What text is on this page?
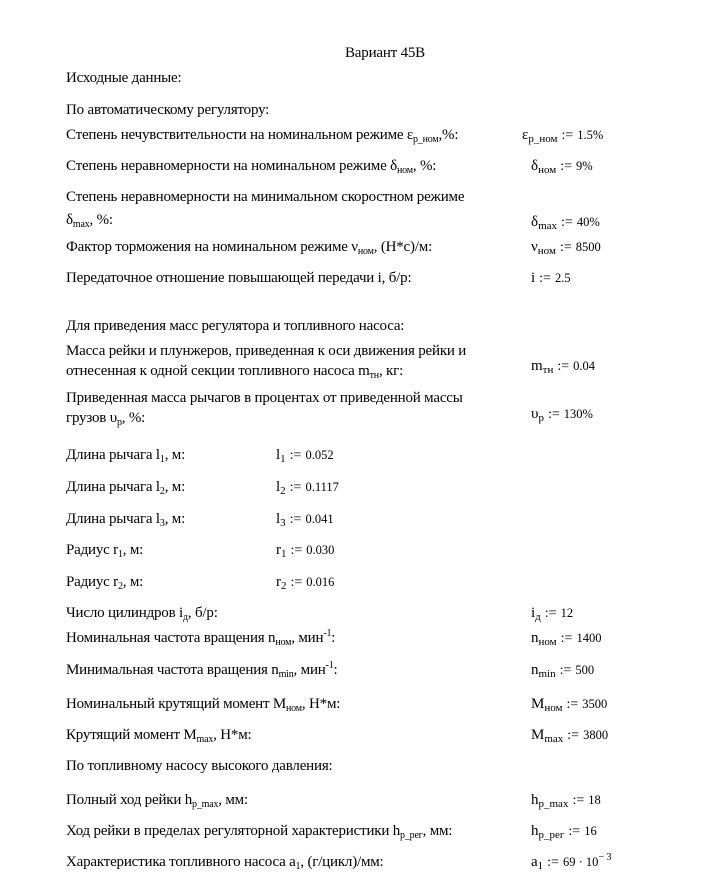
Вариант 45В
Исходные данные:
По автоматическому регулятору:
Для приведения масс регулятора и топливного насоса:
По топливному насосу высокого давления:
Степень нечувствительности на номинальном режиме $\varepsilon_{р\_ном},\%$:	$\varepsilon_{р\_ном}$ := 1.5%
Степень неравномерности на номинальном режиме $\delta_{ном}$, %:	$\delta_{ном}$ := 9%
Степень неравномерности на минимальном скоростном режиме
$\delta_{max}$, %:	$\delta_{max}$ := 40%
Фактор торможения на номинальном режиме $\nu_{ном}$, (Н*с)/м:	$\nu_{ном}$ := 8500
Передаточное отношение повышающей передачи i, б/р:	i := 2.5
Масса рейки и плунжеров, приведенная к оси движения рейки и
отнесенная к одной секции топливного насоса $m_{тн}$, кг:	$m_{тн}$ := 0.04
Приведенная масса рычагов в процентах от приведенной массы
грузов $\upsilon_р$, %:	$\upsilon_р$ := 130%
Длина рычага $l_1$, м:	$l_1$ := 0.052
Длина рычага $l_2$, м:	$l_2$ := 0.1117
Длина рычага $l_3$, м:	$l_3$ := 0.041
Радиус $r_1$, м:	$r_1$ := 0.030
Радиус $r_2$, м:	$r_2$ := 0.016
Число цилиндров $i_д$, б/р:	$i_д$ := 12
Номинальная частота вращения $n_{ном}$, мин$^{-1}$:	$n_{ном}$ := 1400
Минимальная частота вращения $n_{min}$, мин$^{-1}$:	$n_{min}$ := 500
Номинальный крутящий момент $M_{ном}$, Н*м:	$M_{ном}$ := 3500
Крутящий момент $M_{max}$, Н*м:	$M_{max}$ := 3800
Полный ход рейки $h_{р\_max}$, мм:	$h_{р\_max}$ := 18
Ход рейки в пределах регуляторной характеристики $h_{р\_рег}$, мм:	$h_{р\_рег}$ := 16
Характеристика топливного насоса $a_1$, (г/цикл)/мм:	$a_1$ := $69 \cdot 10^{- 3}$
